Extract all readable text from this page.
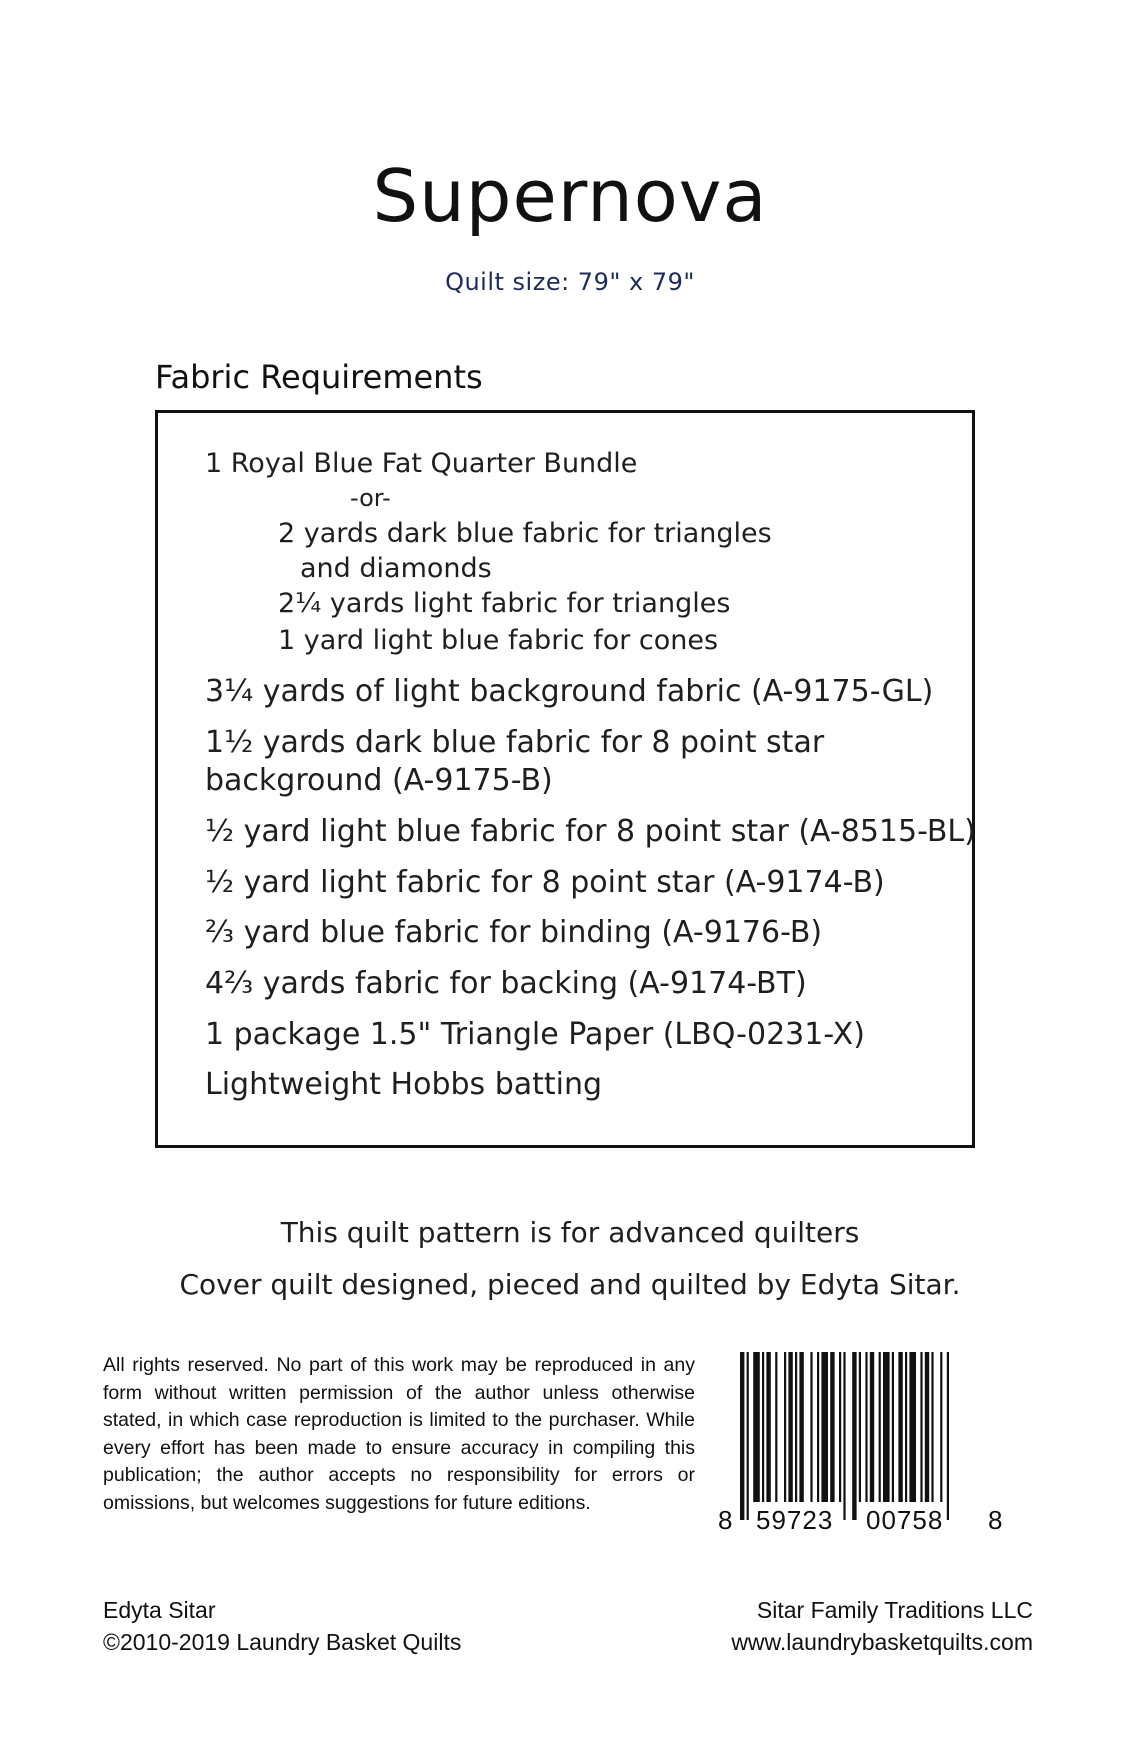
Supernova
Quilt size: 79" x 79"
Fabric Requirements
1 Royal Blue Fat Quarter Bundle
-or-
2 yards dark blue fabric for triangles
and diamonds
2¼ yards light fabric for triangles
1 yard light blue fabric for cones
3¼ yards of light background fabric (A-9175-GL)
1½ yards dark blue fabric for 8 point star
background (A-9175-B)
½ yard light blue fabric for 8 point star (A-8515-BL)
½ yard light fabric for 8 point star (A-9174-B)
⅔ yard blue fabric for binding (A-9176-B)
4⅔ yards fabric for backing (A-9174-BT)
1 package 1.5" Triangle Paper (LBQ-0231-X)
Lightweight Hobbs batting
This quilt pattern is for advanced quilters
Cover quilt designed, pieced and quilted by Edyta Sitar.
All rights reserved. No part of this work may be reproduced in any form without written permission of the author unless otherwise stated, in which case reproduction is limited to the purchaser. While every effort has been made to ensure accuracy in compiling this publication; the author accepts no responsibility for errors or omissions, but welcomes suggestions for future editions.
8 59723 00758 8
Edyta Sitar
©2010-2019 Laundry Basket Quilts
Sitar Family Traditions LLC
www.laundrybasketquilts.com
